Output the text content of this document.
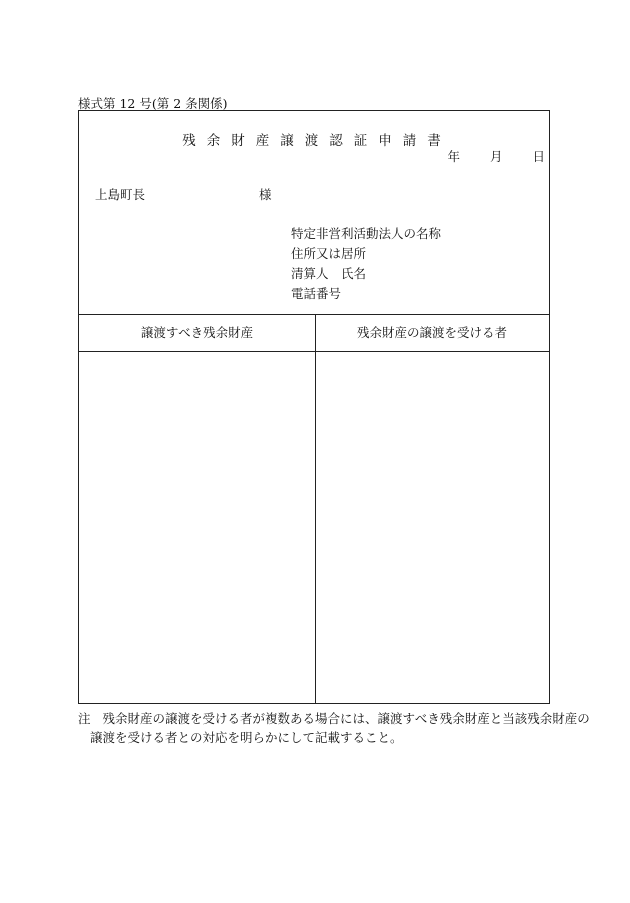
様式第 12 号(第 2 条関係)
残余財産譲渡認証申請書
年 月 日
上島町長	様
特定非営利活動法人の名称
住所又は居所
清算人　氏名
電話番号
譲渡すべき残余財産	残余財産の譲渡を受ける者
注 残余財産の譲渡を受ける者が複数ある場合には、譲渡すべき残余財産と当該残余財産の
譲渡を受ける者との対応を明らかにして記載すること。
